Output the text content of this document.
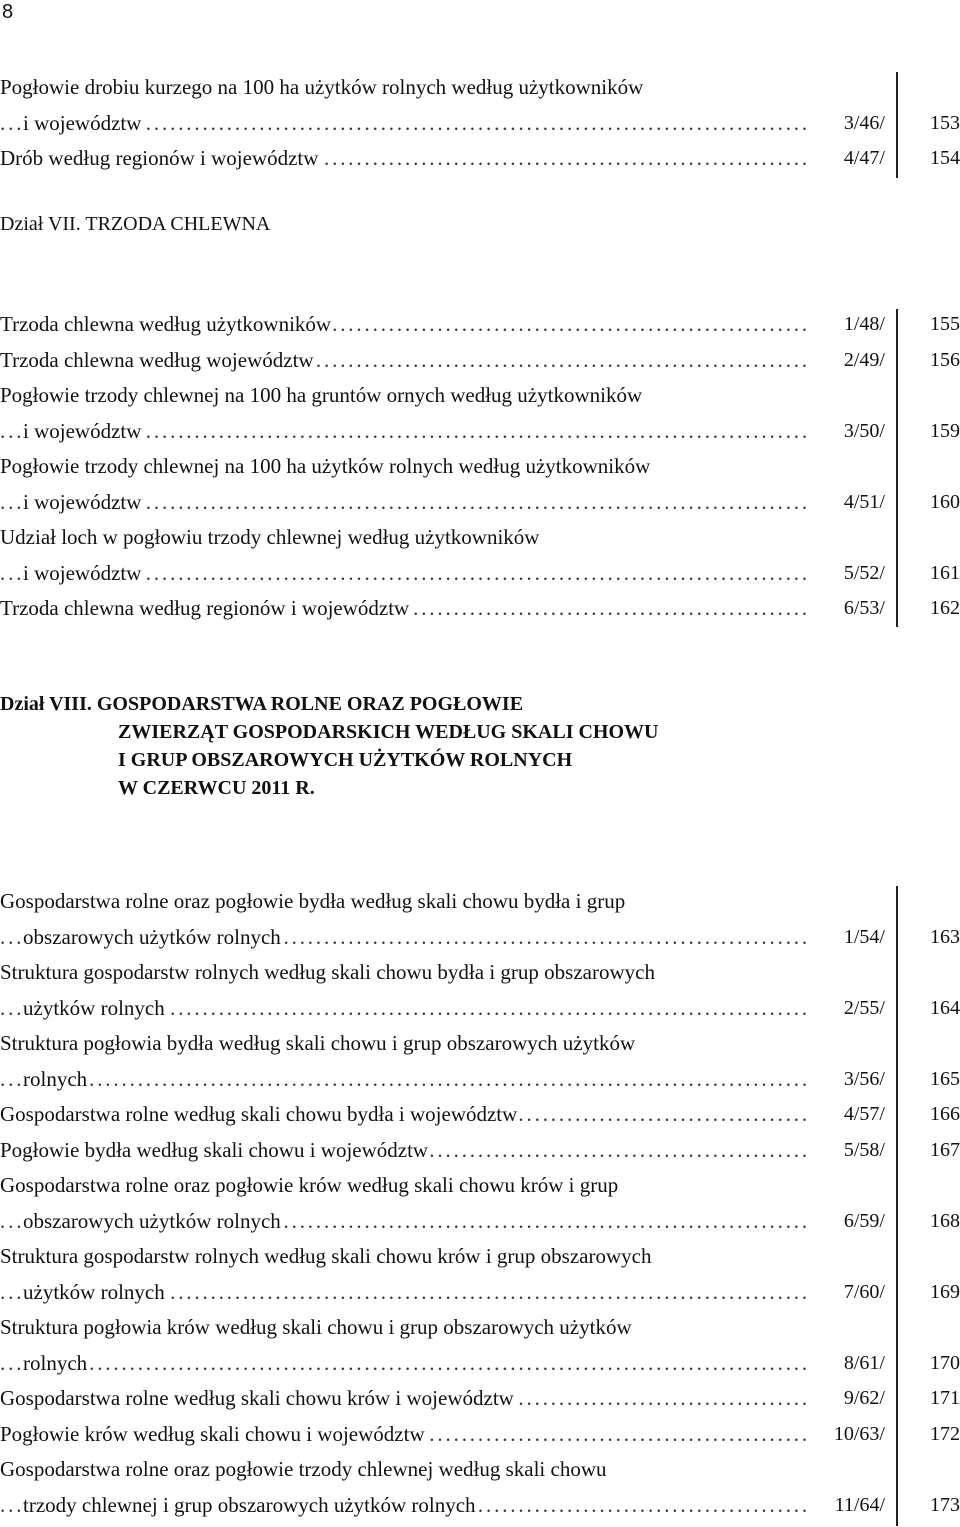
8
Pogłowie drobiu kurzego na 100 ha użytków rolnych według użytkowników
. . .
i województw	3/46/	153
. . .
Drób według regionów i województw	4/47/	154
Dział VII. TRZODA CHLEWNA
. . .
Trzoda chlewna według użytkowników	1/48/	155
. . .
Trzoda chlewna według województw	2/49/	156
Pogłowie trzody chlewnej na 100 ha gruntów ornych według użytkowników
. . .
i województw	3/50/	159
Pogłowie trzody chlewnej na 100 ha użytków rolnych według użytkowników
. . .
i województw	4/51/	160
Udział loch w pogłowiu trzody chlewnej według użytkowników
. . .
i województw	5/52/	161
. . .
Trzoda chlewna według regionów i województw	6/53/	162
Dział VIII. GOSPODARSTWA ROLNE ORAZ POGŁOWIE
ZWIERZĄT GOSPODARSKICH WEDŁUG SKALI CHOWU
I GRUP OBSZAROWYCH UŻYTKÓW ROLNYCH
W CZERWCU 2011 R.
Gospodarstwa rolne oraz pogłowie bydła według skali chowu bydła i grup
. . .
obszarowych użytków rolnych	1/54/	163
Struktura gospodarstw rolnych według skali chowu bydła i grup obszarowych
. . .
użytków rolnych	2/55/	164
Struktura pogłowia bydła według skali chowu i grup obszarowych użytków
. . .
rolnych	3/56/	165
. . .
Gospodarstwa rolne według skali chowu bydła i województw	4/57/	166
. . .
Pogłowie bydła według skali chowu i województw	5/58/	167
Gospodarstwa rolne oraz pogłowie krów według skali chowu krów i grup
. . .
obszarowych użytków rolnych	6/59/	168
Struktura gospodarstw rolnych według skali chowu krów i grup obszarowych
. . .
użytków rolnych	7/60/	169
Struktura pogłowia krów według skali chowu i grup obszarowych użytków
. . .
rolnych	8/61/	170
. . .
Gospodarstwa rolne według skali chowu krów i województw	9/62/	171
. . .
Pogłowie krów według skali chowu i województw	10/63/	172
Gospodarstwa rolne oraz pogłowie trzody chlewnej według skali chowu
. . .
trzody chlewnej i grup obszarowych użytków rolnych	11/64/	173
